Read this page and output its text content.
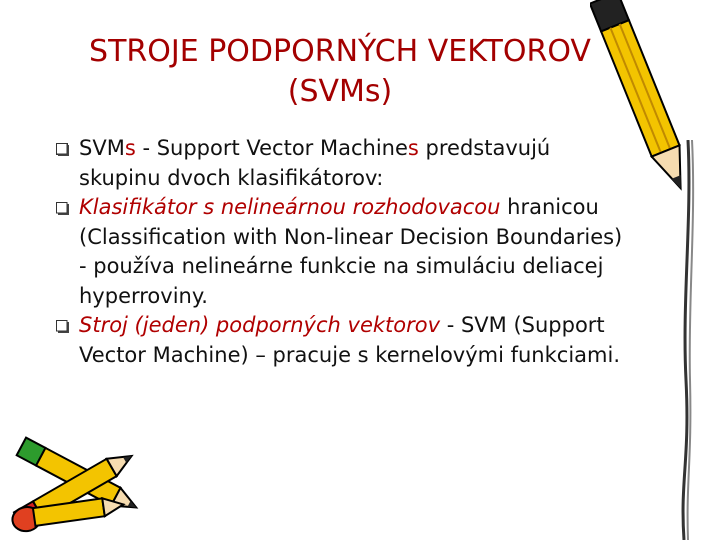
STROJE PODPORNÝCH VEKTOROV
(SVMs)
SVMs - Support Vector Machines predstavujú skupinu dvoch klasifikátorov:
Klasifikátor s nelineárnou rozhodovacou hranicou (Classification with Non-linear Decision Boundaries) - používa nelineárne funkcie na simuláciu deliacej hyperroviny.
Stroj (jeden) podporných vektorov - SVM (Support Vector Machine) – pracuje s kernelovými funkciami.
